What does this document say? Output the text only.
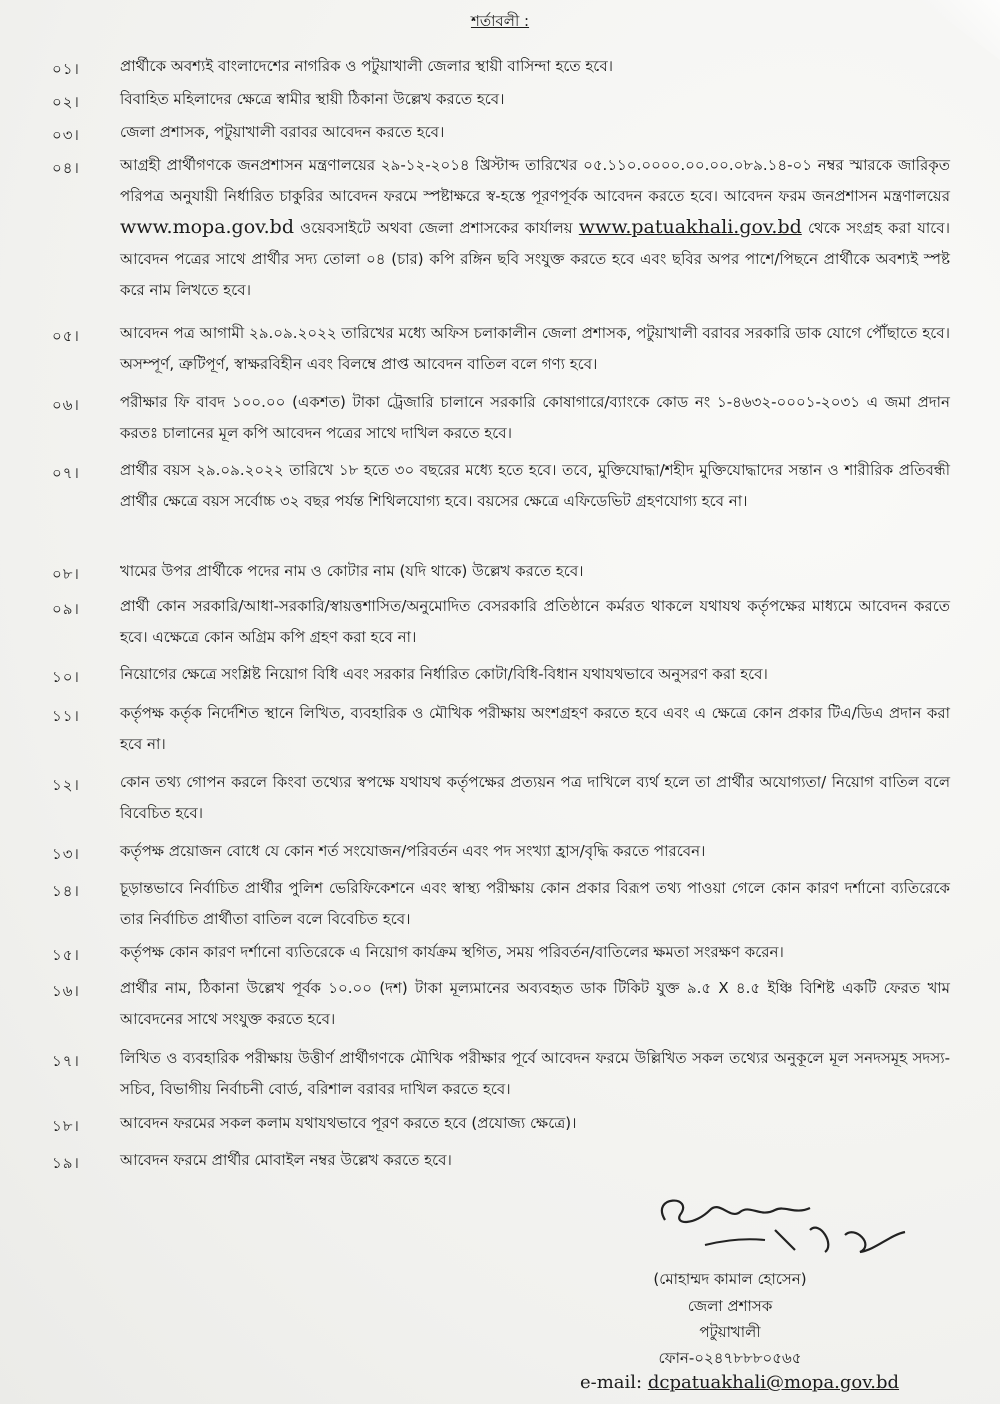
শর্তাবলী :
০১।	প্রার্থীকে অবশ্যই বাংলাদেশের নাগরিক ও পটুয়াখালী জেলার স্থায়ী বাসিন্দা হতে হবে।
০২।	বিবাহিত মহিলাদের ক্ষেত্রে স্বামীর স্থায়ী ঠিকানা উল্লেখ করতে হবে।
০৩।	জেলা প্রশাসক, পটুয়াখালী বরাবর আবেদন করতে হবে।
০৪।	আগ্রহী প্রার্থীগণকে জনপ্রশাসন মন্ত্রণালয়ের ২৯-১২-২০১৪ খ্রিস্টাব্দ তারিখের ০৫.১১০.০০০০.০০.০০.০৮৯.১৪-০১ নম্বর স্মারকে জারিকৃত পরিপত্র অনুযায়ী নির্ধারিত চাকুরির আবেদন ফরমে স্পষ্টাক্ষরে স্ব-হস্তে পূরণপূর্বক আবেদন করতে হবে। আবেদন ফরম জনপ্রশাসন মন্ত্রণালয়ের www.mopa.gov.bd ওয়েবসাইটে অথবা জেলা প্রশাসকের কার্যালয় www.patuakhali.gov.bd থেকে সংগ্রহ করা যাবে। আবেদন পত্রের সাথে প্রার্থীর সদ্য তোলা ০৪ (চার) কপি রঙ্গিন ছবি সংযুক্ত করতে হবে এবং ছবির অপর পাশে/পিছনে প্রার্থীকে অবশ্যই স্পষ্ট করে নাম লিখতে হবে।
০৫।	আবেদন পত্র আগামী ২৯.০৯.২০২২ তারিখের মধ্যে অফিস চলাকালীন জেলা প্রশাসক, পটুয়াখালী বরাবর সরকারি ডাক যোগে পৌঁছাতে হবে। অসম্পূর্ণ, ত্রুটিপূর্ণ, স্বাক্ষরবিহীন এবং বিলম্বে প্রাপ্ত আবেদন বাতিল বলে গণ্য হবে।
০৬।	পরীক্ষার ফি বাবদ ১০০.০০ (একশত) টাকা ট্রেজারি চালানে সরকারি কোষাগারে/ব্যাংকে কোড নং ১-৪৬৩২-০০০১-২০৩১ এ জমা প্রদান করতঃ চালানের মূল কপি আবেদন পত্রের সাথে দাখিল করতে হবে।
০৭।	প্রার্থীর বয়স ২৯.০৯.২০২২ তারিখে ১৮ হতে ৩০ বছরের মধ্যে হতে হবে। তবে, মুক্তিযোদ্ধা/শহীদ মুক্তিযোদ্ধাদের সন্তান ও শারীরিক প্রতিবন্ধী প্রার্থীর ক্ষেত্রে বয়স সর্বোচ্চ ৩২ বছর পর্যন্ত শিথিলযোগ্য হবে। বয়সের ক্ষেত্রে এফিডেভিট গ্রহণযোগ্য হবে না।
০৮।	খামের উপর প্রার্থীকে পদের নাম ও কোটার নাম (যদি থাকে) উল্লেখ করতে হবে।
০৯।	প্রার্থী কোন সরকারি/আধা-সরকারি/স্বায়ত্তশাসিত/অনুমোদিত বেসরকারি প্রতিষ্ঠানে কর্মরত থাকলে যথাযথ কর্তৃপক্ষের মাধ্যমে আবেদন করতে হবে। এক্ষেত্রে কোন অগ্রিম কপি গ্রহণ করা হবে না।
১০।	নিয়োগের ক্ষেত্রে সংশ্লিষ্ট নিয়োগ বিধি এবং সরকার নির্ধারিত কোটা/বিধি-বিধান যথাযথভাবে অনুসরণ করা হবে।
১১।	কর্তৃপক্ষ কর্তৃক নির্দেশিত স্থানে লিখিত, ব্যবহারিক ও মৌখিক পরীক্ষায় অংশগ্রহণ করতে হবে এবং এ ক্ষেত্রে কোন প্রকার টিএ/ডিএ প্রদান করা হবে না।
১২।	কোন তথ্য গোপন করলে কিংবা তথ্যের স্বপক্ষে যথাযথ কর্তৃপক্ষের প্রত্যয়ন পত্র দাখিলে ব্যর্থ হলে তা প্রার্থীর অযোগ্যতা/ নিয়োগ বাতিল বলে বিবেচিত হবে।
১৩।	কর্তৃপক্ষ প্রয়োজন বোধে যে কোন শর্ত সংযোজন/পরিবর্তন এবং পদ সংখ্যা হ্রাস/বৃদ্ধি করতে পারবেন।
১৪।	চূড়ান্তভাবে নির্বাচিত প্রার্থীর পুলিশ ভেরিফিকেশনে এবং স্বাস্থ্য পরীক্ষায় কোন প্রকার বিরূপ তথ্য পাওয়া গেলে কোন কারণ দর্শানো ব্যতিরেকে তার নির্বাচিত প্রার্থীতা বাতিল বলে বিবেচিত হবে।
১৫।	কর্তৃপক্ষ কোন কারণ দর্শানো ব্যতিরেকে এ নিয়োগ কার্যক্রম স্থগিত, সময় পরিবর্তন/বাতিলের ক্ষমতা সংরক্ষণ করেন।
১৬।	প্রার্থীর নাম, ঠিকানা উল্লেখ পূর্বক ১০.০০ (দশ) টাকা মূল্যমানের অব্যবহৃত ডাক টিকিট যুক্ত ৯.৫ X ৪.৫ ইঞ্চি বিশিষ্ট একটি ফেরত খাম আবেদনের সাথে সংযুক্ত করতে হবে।
১৭।	লিখিত ও ব্যবহারিক পরীক্ষায় উত্তীর্ণ প্রার্থীগণকে মৌখিক পরীক্ষার পূর্বে আবেদন ফরমে উল্লিখিত সকল তথ্যের অনুকূলে মূল সনদসমূহ সদস্য-সচিব, বিভাগীয় নির্বাচনী বোর্ড, বরিশাল বরাবর দাখিল করতে হবে।
১৮।	আবেদন ফরমের সকল কলাম যথাযথভাবে পূরণ করতে হবে (প্রযোজ্য ক্ষেত্রে)।
১৯।	আবেদন ফরমে প্রার্থীর মোবাইল নম্বর উল্লেখ করতে হবে।
(মোহাম্মদ কামাল হোসেন)
জেলা প্রশাসক
পটুয়াখালী
ফোন-০২৪৭৮৮৮০৫৬৫
e-mail: dcpatuakhali@mopa.gov.bd
